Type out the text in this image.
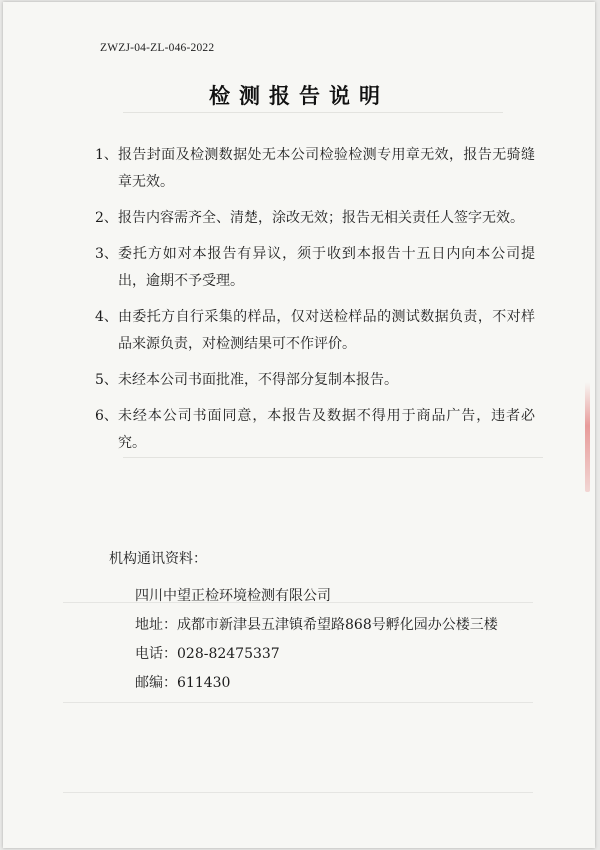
ZWZJ-04-ZL-046-2022
检测报告说明
1、 报告封面及检测数据处无本公司检验检测专用章无效，报告无骑缝章无效。
2、 报告内容需齐全、清楚，涂改无效；报告无相关责任人签字无效。
3、 委托方如对本报告有异议，须于收到本报告十五日内向本公司提出，逾期不予受理。
4、 由委托方自行采集的样品，仅对送检样品的测试数据负责，不对样品来源负责，对检测结果可不作评价。
5、 未经本公司书面批准，不得部分复制本报告。
6、 未经本公司书面同意，本报告及数据不得用于商品广告，违者必究。
机构通讯资料：
四川中望正检环境检测有限公司
地址：成都市新津县五津镇希望路868号孵化园办公楼三楼
电话：028-82475337
邮编：611430
